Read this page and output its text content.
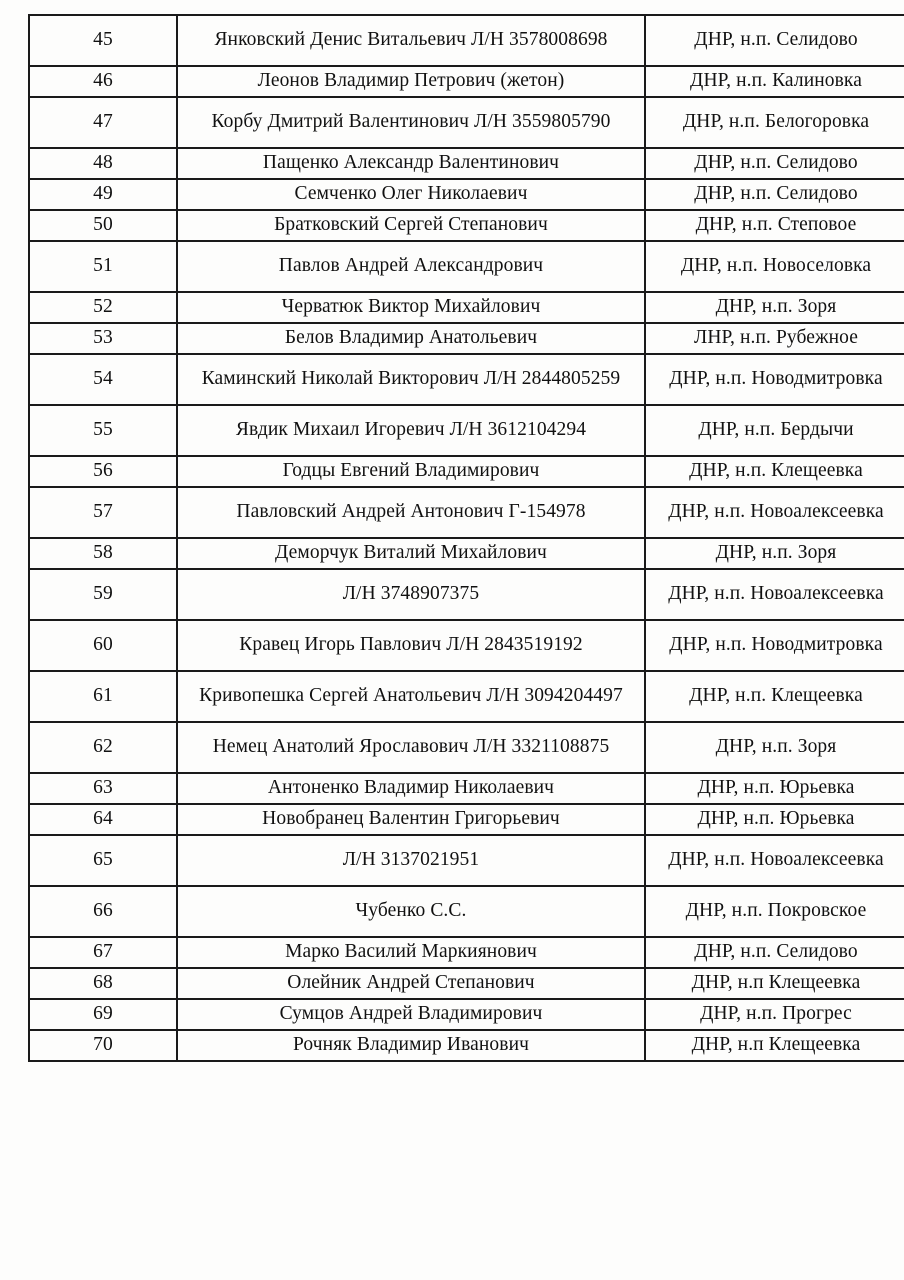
45	Янковский Денис Витальевич Л/Н 3578008698	ДНР, н.п. Селидово
46	Леонов Владимир Петрович (жетон)	ДНР, н.п. Калиновка
47	Корбу Дмитрий Валентинович Л/Н 3559805790	ДНР, н.п. Белогоровка
48	Пащенко Александр Валентинович	ДНР, н.п. Селидово
49	Семченко Олег Николаевич	ДНР, н.п. Селидово
50	Братковский Сергей Степанович	ДНР, н.п. Степовое
51	Павлов Андрей Александрович	ДНР, н.п. Новоселовка
52	Черватюк Виктор Михайлович	ДНР, н.п. Зоря
53	Белов Владимир Анатольевич	ЛНР, н.п. Рубежное
54	Каминский Николай Викторович Л/Н 2844805259	ДНР, н.п. Новодмитровка
55	Явдик Михаил Игоревич Л/Н 3612104294	ДНР, н.п. Бердычи
56	Годцы Евгений Владимирович	ДНР, н.п. Клещеевка
57	Павловский Андрей Антонович Г-154978	ДНР, н.п. Новоалексеевка
58	Деморчук Виталий Михайлович	ДНР, н.п. Зоря
59	Л/Н 3748907375	ДНР, н.п. Новоалексеевка
60	Кравец Игорь Павлович Л/Н 2843519192	ДНР, н.п. Новодмитровка
61	Кривопешка Сергей Анатольевич Л/Н 3094204497	ДНР, н.п. Клещеевка
62	Немец Анатолий Ярославович Л/Н 3321108875	ДНР, н.п. Зоря
63	Антоненко Владимир Николаевич	ДНР, н.п. Юрьевка
64	Новобранец Валентин Григорьевич	ДНР, н.п. Юрьевка
65	Л/Н 3137021951	ДНР, н.п. Новоалексеевка
66	Чубенко С.С.	ДНР, н.п. Покровское
67	Марко Василий Маркиянович	ДНР, н.п. Селидово
68	Олейник Андрей Степанович	ДНР, н.п Клещеевка
69	Сумцов Андрей Владимирович	ДНР, н.п. Прогрес
70	Рочняк Владимир Иванович	ДНР, н.п Клещеевка
